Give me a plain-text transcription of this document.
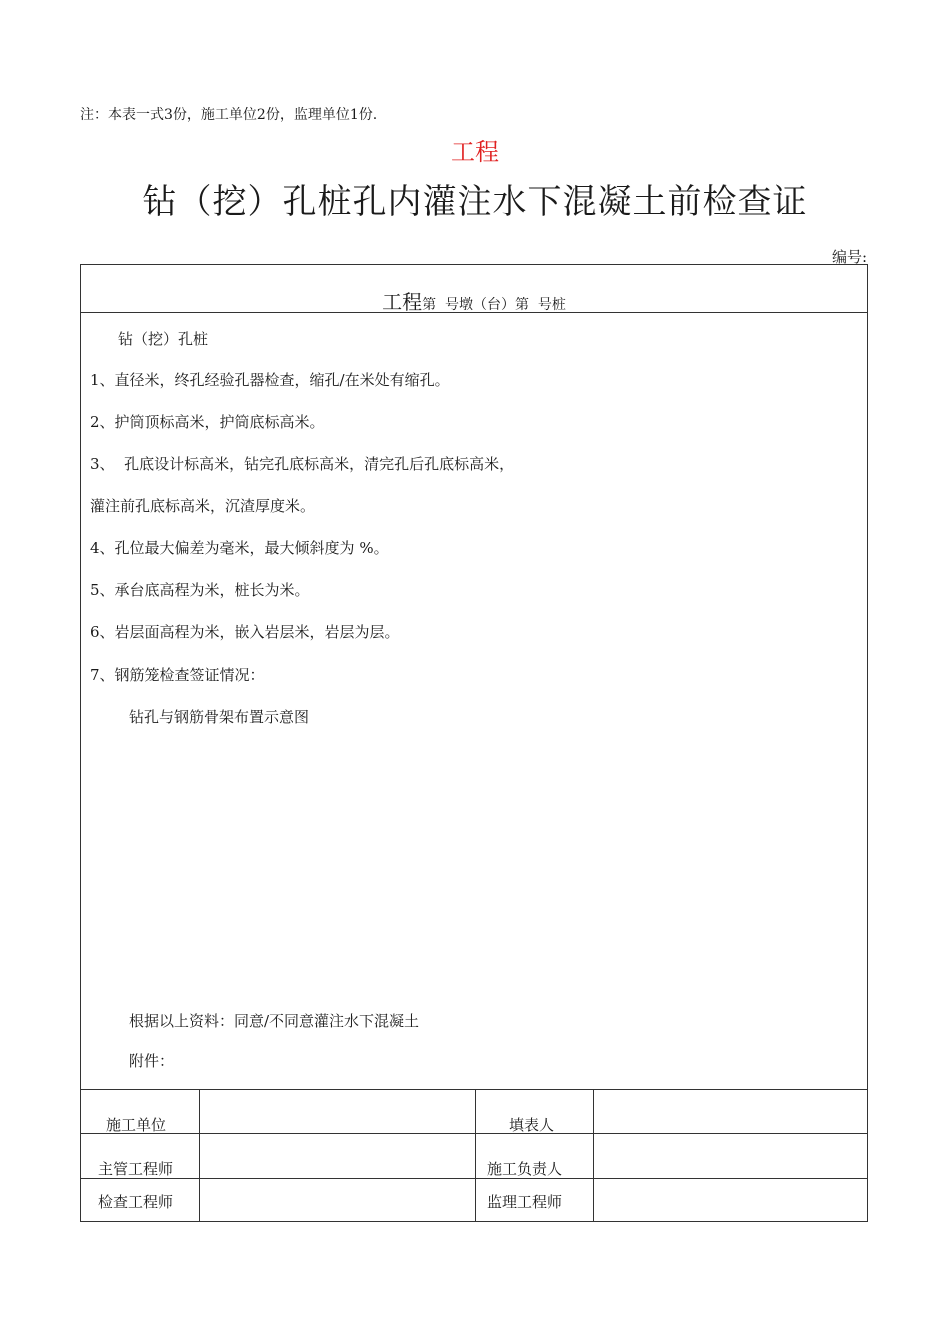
注：本表一式3份，施工单位2份，监理单位1份.
工程
钻（挖）孔桩孔内灌注水下混凝土前检查证
编号:
工程第  号墩（台）第  号桩
钻（挖）孔桩
1、直径米，终孔经验孔器检查，缩孔/在米处有缩孔。
2、护筒顶标高米，护筒底标高米。
3、  孔底设计标高米，钻完孔底标高米，清完孔后孔底标高米，
灌注前孔底标高米，沉渣厚度米。
4、孔位最大偏差为毫米，最大倾斜度为 %。
5、承台底高程为米，桩长为米。
6、岩层面高程为米，嵌入岩层米，岩层为层。
7、钢筋笼检查签证情况：
钻孔与钢筋骨架布置示意图
根据以上资料：同意/不同意灌注水下混凝土
附件：
施工单位	填表人
主管工程师	施工负责人
检查工程师	监理工程师
